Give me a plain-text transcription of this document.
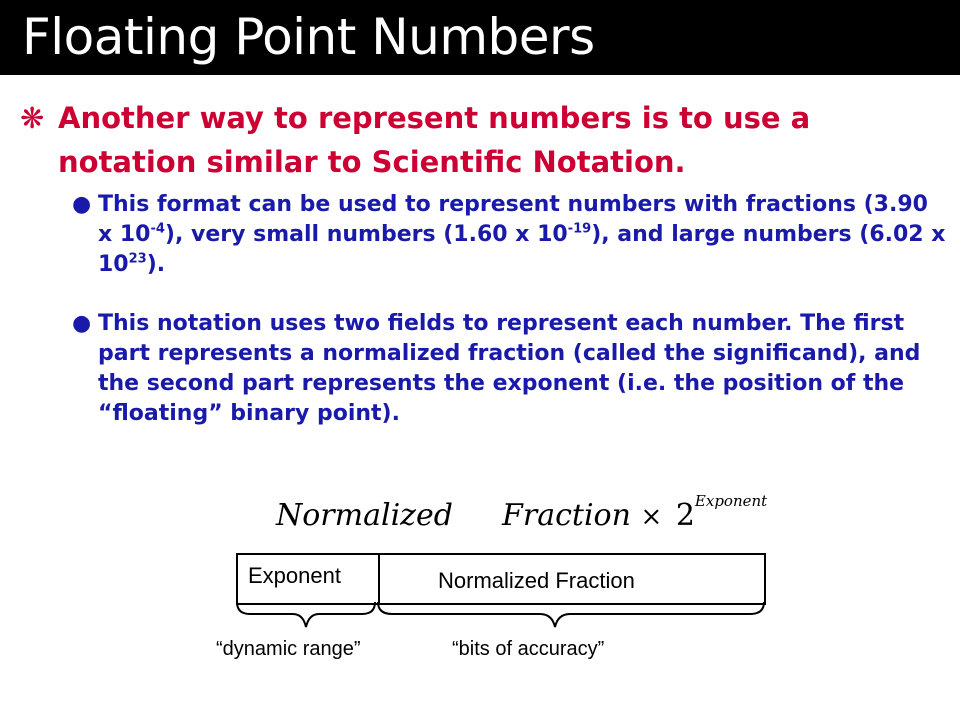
Floating Point Numbers
❋ Another way to represent numbers is to use a notation similar to Scientific Notation.
● This format can be used to represent numbers with fractions (3.90 x $10^{-4}$), very small numbers (1.60 x $10^{-19}$), and large numbers (6.02 x $10^{23}$).
● This notation uses two fields to represent each number. The first part represents a normalized fraction (called the significand), and the second part represents the exponent (i.e. the position of the “floating” binary point).
Normalized Fraction × $2^{Exponent}$
Exponent	Normalized Fraction
“dynamic range”	“bits of accuracy”
